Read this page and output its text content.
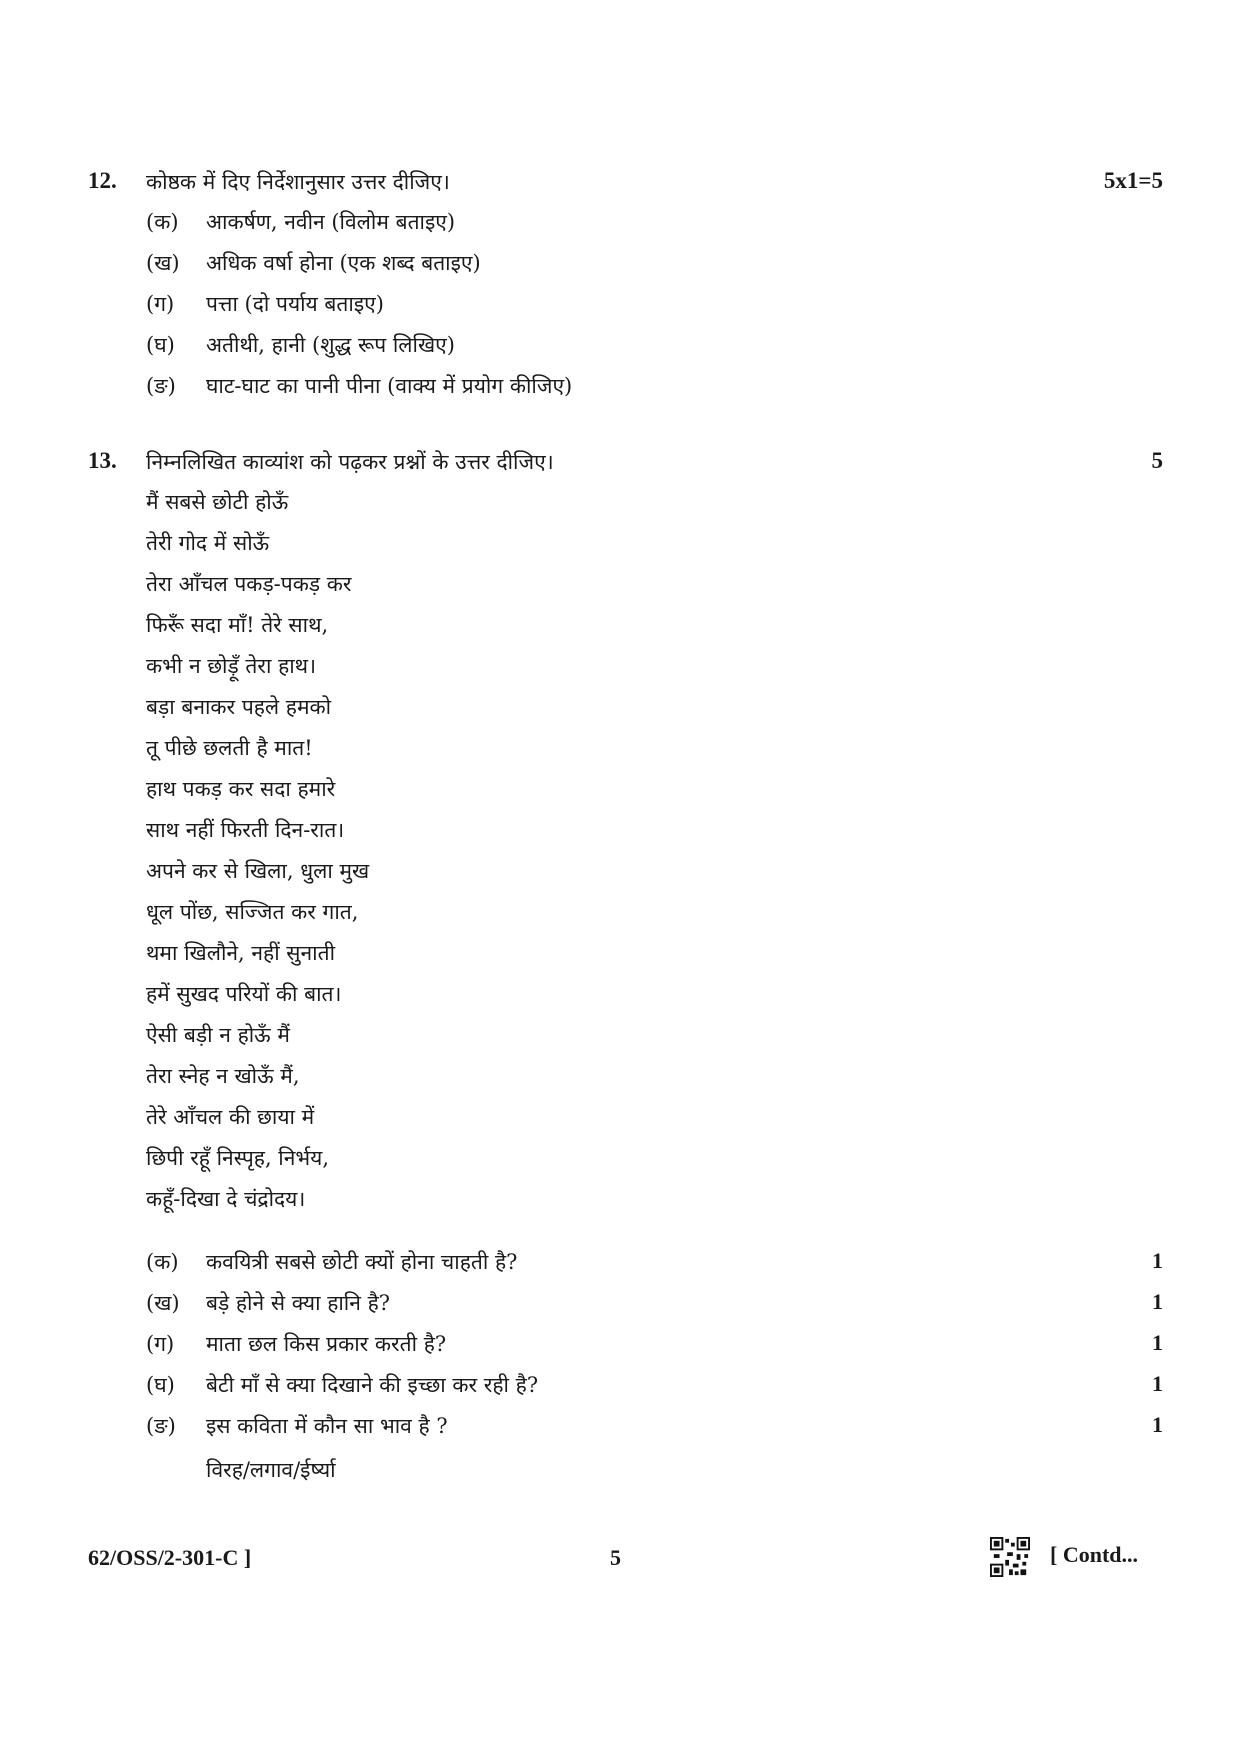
12. कोष्ठक में दिए निर्देशानुसार उत्तर दीजिए।	5x1=5
(क) आकर्षण, नवीन (विलोम बताइए)
(ख) अधिक वर्षा होना (एक शब्द बताइए)
(ग) पत्ता (दो पर्याय बताइए)
(घ) अतीथी, हानी (शुद्ध रूप लिखिए)
(ङ) घाट-घाट का पानी पीना (वाक्य में प्रयोग कीजिए)
13. निम्नलिखित काव्यांश को पढ़कर प्रश्नों के उत्तर दीजिए।	5
मैं सबसे छोटी होऊँ
तेरी गोद में सोऊँ
तेरा आँचल पकड़-पकड़ कर
फिरूँ सदा माँ! तेरे साथ,
कभी न छोड़ूँ तेरा हाथ।
बड़ा बनाकर पहले हमको
तू पीछे छलती है मात!
हाथ पकड़ कर सदा हमारे
साथ नहीं फिरती दिन-रात।
अपने कर से खिला, धुला मुख
धूल पोंछ, सज्जित कर गात,
थमा खिलौने, नहीं सुनाती
हमें सुखद परियों की बात।
ऐसी बड़ी न होऊँ मैं
तेरा स्नेह न खोऊँ मैं,
तेरे आँचल की छाया में
छिपी रहूँ निस्पृह, निर्भय,
कहूँ-दिखा दे चंद्रोदय।
(क) कवयित्री सबसे छोटी क्यों होना चाहती है?	1
(ख) बड़े होने से क्या हानि है?	1
(ग) माता छल किस प्रकार करती है?	1
(घ) बेटी माँ से क्या दिखाने की इच्छा कर रही है?	1
(ङ) इस कविता में कौन सा भाव है ?	1
विरह/लगाव/ईर्ष्या
62/OSS/2-301-C ]	5	[ Contd...
